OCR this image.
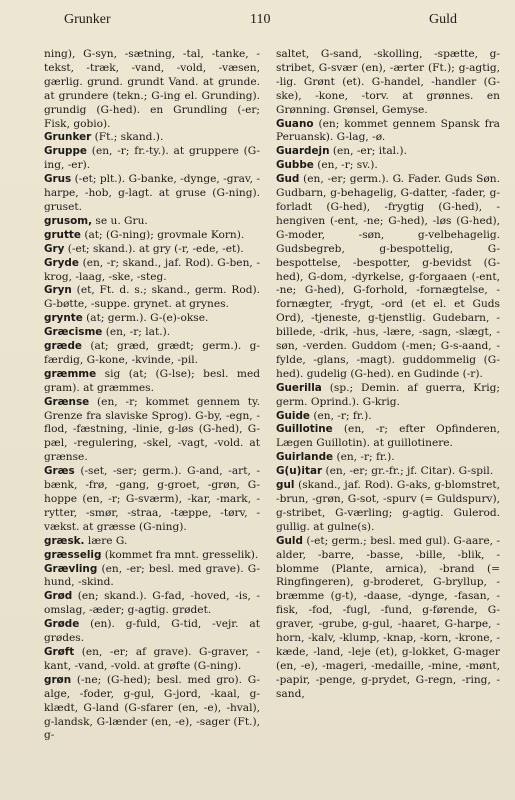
Grunker	110	Guld
ning), G-syn, -sætning, -tal, -tanke, -tekst, -træk, -vand, -vold, -væsen, gærlig. grund. grundt Vand. at grunde. at grundere (tekn.; G-ing el. Grunding). grundig (G-hed). en Grundling (-er; Fisk, gobio).
Grunker (Ft.; skand.).
Gruppe (en, -r; fr.-ty.). at gruppere (G-ing, -er).
Grus (-et; plt.). G-banke, -dynge, -grav, -harpe, -hob, g-lagt. at gruse (G-ning). gruset.
grusom, se u. Gru.
grutte (at; (G-ning); grovmale Korn).
Gry (-et; skand.). at gry (-r, -ede, -et).
Gryde (en, -r; skand., jaf. Rod). G-ben, -krog, -laag, -ske, -steg.
Gryn (et, Ft. d. s.; skand., germ. Rod). G-bøtte, -suppe. grynet. at grynes.
grynte (at; germ.). G-(e)-okse.
Græcisme (en, -r; lat.).
græde (at; græd, grædt; germ.). g-færdig, G-kone, -kvinde, -pil.
græmme sig (at; (G-lse); besl. med gram). at græmmes.
Grænse (en, -r; kommet gennem ty. Grenze fra slaviske Sprog). G-by, -egn, -flod, -fæstning, -linie, g-løs (G-hed), G-pæl, -regulering, -skel, -vagt, -vold. at grænse.
Græs (-set, -ser; germ.). G-and, -art, -bænk, -frø, -gang, g-groet, -grøn, G-hoppe (en, -r; G-sværm), -kar, -mark, -rytter, -smør, -straa, -tæppe, -tørv, -vækst. at græsse (G-ning).
græsk. lære G.
græsselig (kommet fra mnt. gresselik).
Grævling (en, -er; besl. med grave). G-hund, -skind.
Grød (en; skand.). G-fad, -hoved, -is, -omslag, -æder; g-agtig. grødet.
Grøde (en). g-fuld, G-tid, -vejr. at grødes.
Grøft (en, -er; af grave). G-graver, -kant, -vand, -vold. at grøfte (G-ning).
grøn (-ne; (G-hed); besl. med gro). G-alge, -foder, g-gul, G-jord, -kaal, g-klædt, G-land (G-sfarer (en, -e), -hval), g-landsk, G-lænder (en, -e), -sager (Ft.), g-
saltet, G-sand, -skolling, -spætte, g-stribet, G-svær (en), -ærter (Ft.); g-agtig, -lig. Grønt (et). G-handel, -handler (G-ske), -kone, -torv. at grønnes. en Grønning. Grønsel, Gemyse.
Guano (en; kommet gennem Spansk fra Peruansk). G-lag, -ø.
Guardejn (en, -er; ital.).
Gubbe (en, -r; sv.).
Gud (en, -er; germ.). G. Fader. Guds Søn. Gudbarn, g-behagelig, G-datter, -fader, g-forladt (G-hed), -frygtig (G-hed), -hengiven (-ent, -ne; G-hed), -løs (G-hed), G-moder, -søn, g-velbehagelig. Gudsbegreb, g-bespottelig, G-bespottelse, -bespotter, g-bevidst (G-hed), G-dom, -dyrkelse, g-forgaaen (-ent, -ne; G-hed), G-forhold, -fornægtelse, -fornægter, -frygt, -ord (et el. et Guds Ord), -tjeneste, g-tjenstlig. Gudebarn, -billede, -drik, -hus, -lære, -sagn, -slægt, -søn, -verden. Guddom (-men; G-s-aand, -fylde, -glans, -magt). guddommelig (G-hed). gudelig (G-hed). en Gudinde (-r).
Guerilla (sp.; Demin. af guerra, Krig; germ. Oprind.). G-krig.
Guide (en, -r; fr.).
Guillotine (en, -r; efter Opfinderen, Lægen Guillotin). at guillotinere.
Guirlande (en, -r; fr.).
G(u)itar (en, -er; gr.-fr.; jf. Citar). G-spil.
gul (skand., jaf. Rod). G-aks, g-blomstret, -brun, -grøn, G-sot, -spurv (= Guldspurv), g-stribet, G-værling; g-agtig. Gulerod. gullig. at gulne(s).
Guld (-et; germ.; besl. med gul). G-aare, -alder, -barre, -basse, -bille, -blik, -blomme (Plante, arnica), -brand (= Ringfingeren), g-broderet, G-bryllup, -bræmme (g-t), -daase, -dynge, -fasan, -fisk, -fod, -fugl, -fund, g-førende, G-graver, -grube, g-gul, -haaret, G-harpe, -horn, -kalv, -klump, -knap, -korn, -krone, -kæde, -land, -leje (et), g-lokket, G-mager (en, -e), -mageri, -medaille, -mine, -mønt, -papir, -penge, g-prydet, G-regn, -ring, -sand,
